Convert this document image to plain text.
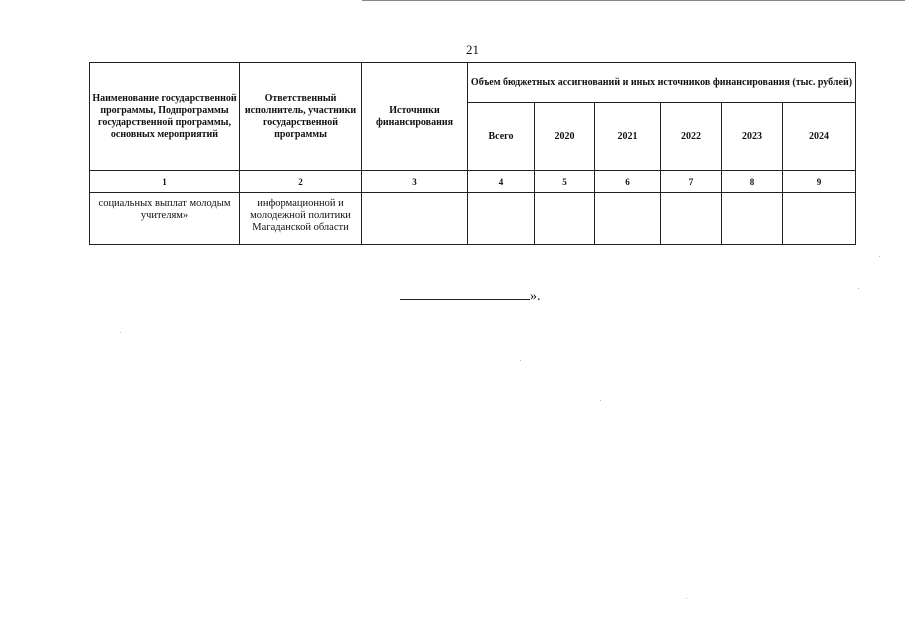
21
Наименование государственной программы, Подпрограммы государственной программы, основных мероприятий	Ответственный исполнитель, участники государственной программы	Источники финансирования	Объем бюджетных ассигнований и иных источников финансирования (тыс. рублей)					
			Всего	2020	2021	2022	2023	2024
1	2	3	4	5	6	7	8	9
социальных выплат молодым учителям»	информационной и молодежной политики Магаданской области							
».
